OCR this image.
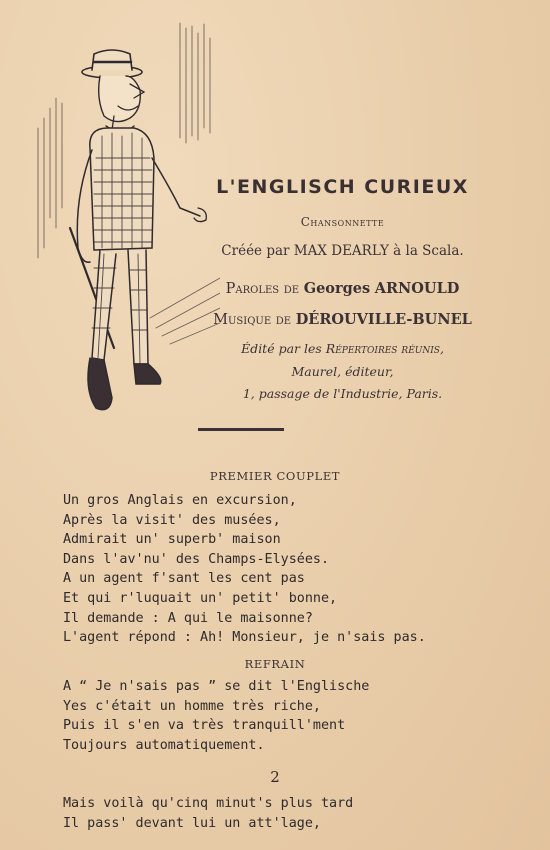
L'ENGLISCH CURIEUX
Chansonnette
Créée par MAX DEARLY à la Scala.
Paroles de Georges ARNOULD
Musique de DÉROUVILLE-BUNEL
Édité par les Répertoires réunis,
Maurel, éditeur,
1, passage de l'Industrie, Paris.
PREMIER COUPLET
Un gros Anglais en excursion,
Après la visit' des musées,
Admirait un' superb' maison
Dans l'av'nu' des Champs-Elysées.
A un agent f'sant les cent pas
Et qui r'luquait un' petit' bonne,
Il demande : A qui le maisonne?
L'agent répond : Ah! Monsieur, je n'sais pas.
REFRAIN
A “ Je n'sais pas ” se dit l'Englische
Yes c'était un homme très riche,
Puis il s'en va très tranquill'ment
Toujours automatiquement.
2
Mais voilà qu'cinq minut's plus tard
Il pass' devant lui un att'lage,
